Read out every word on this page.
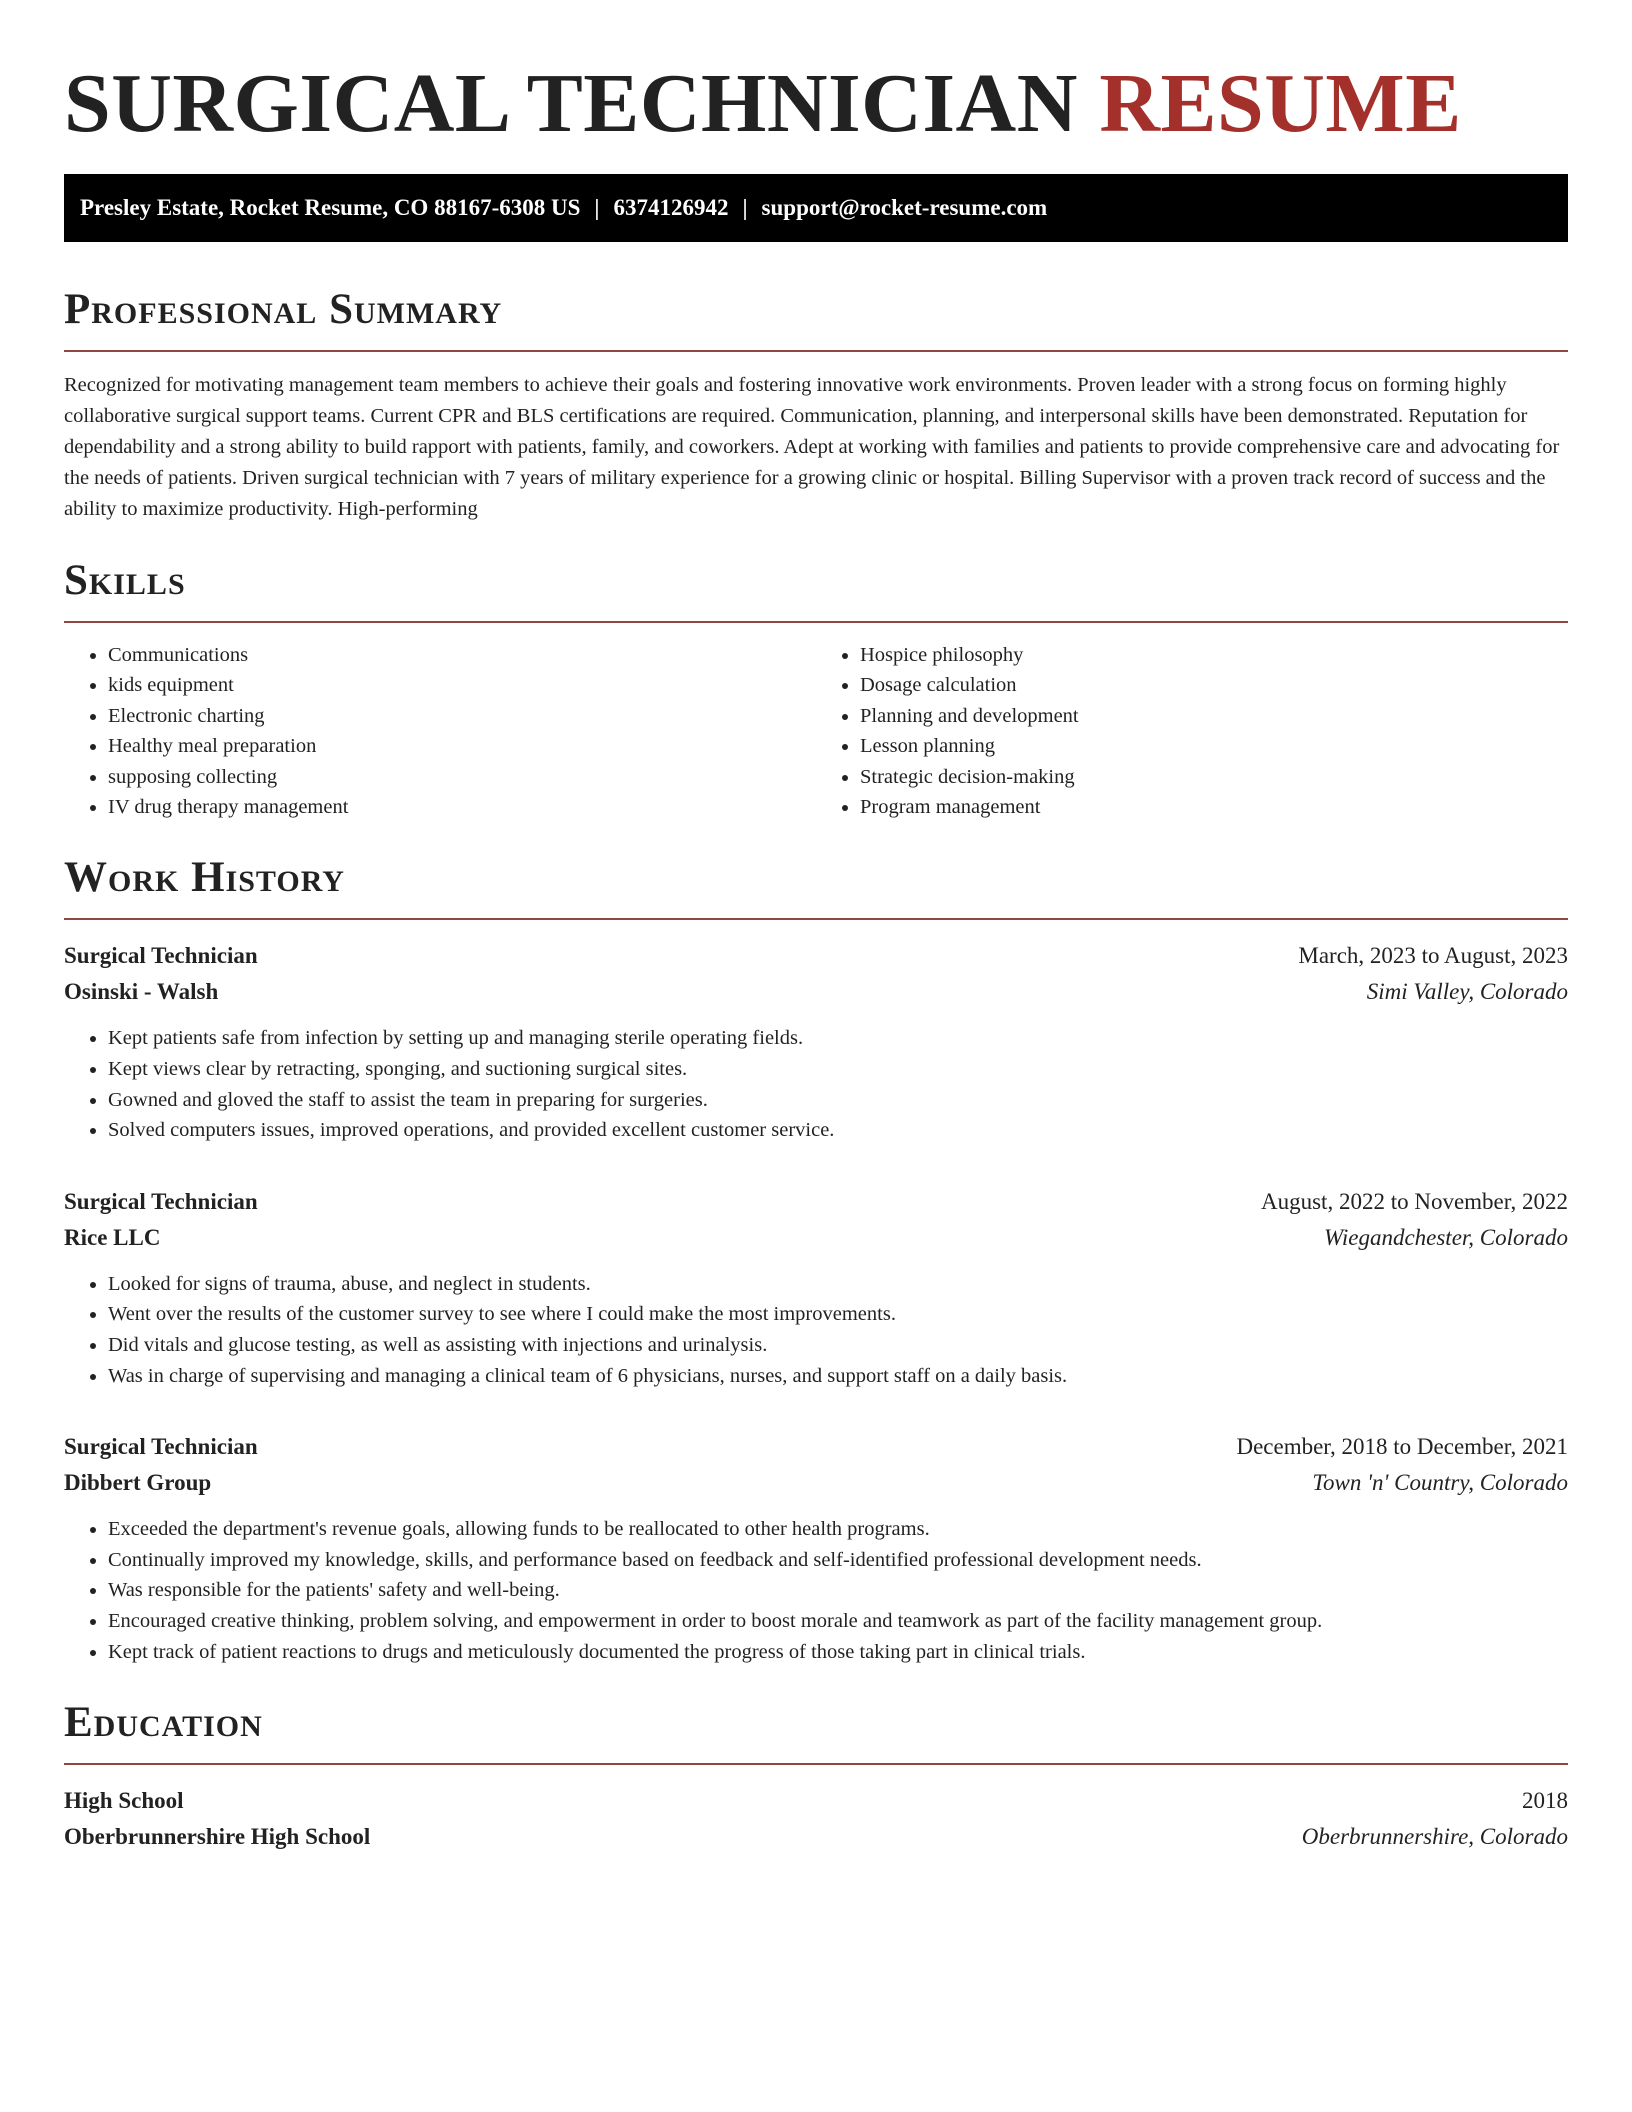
SURGICAL TECHNICIAN RESUME
Presley Estate, Rocket Resume, CO 88167-6308 US | 6374126942 | support@rocket-resume.com
Professional Summary

Recognized for motivating management team members to achieve their goals and fostering innovative work environments. Proven leader with a strong focus on forming highly collaborative surgical support teams. Current CPR and BLS certifications are required. Communication, planning, and interpersonal skills have been demonstrated. Reputation for dependability and a strong ability to build rapport with patients, family, and coworkers. Adept at working with families and patients to provide comprehensive care and advocating for the needs of patients. Driven surgical technician with 7 years of military experience for a growing clinic or hospital. Billing Supervisor with a proven track record of success and the ability to maximize productivity. High-performing

Skills
• Communications
• kids equipment
• Electronic charting
• Healthy meal preparation
• supposing collecting
• IV drug therapy management
• Hospice philosophy
• Dosage calculation
• Planning and development
• Lesson planning
• Strategic decision-making
• Program management
Work History
Surgical Technician	March, 2023 to August, 2023
Osinski - Walsh	Simi Valley, Colorado
• Kept patients safe from infection by setting up and managing sterile operating fields.
• Kept views clear by retracting, sponging, and suctioning surgical sites.
• Gowned and gloved the staff to assist the team in preparing for surgeries.
• Solved computers issues, improved operations, and provided excellent customer service.
Surgical Technician	August, 2022 to November, 2022
Rice LLC	Wiegandchester, Colorado
• Looked for signs of trauma, abuse, and neglect in students.
• Went over the results of the customer survey to see where I could make the most improvements.
• Did vitals and glucose testing, as well as assisting with injections and urinalysis.
• Was in charge of supervising and managing a clinical team of 6 physicians, nurses, and support staff on a daily basis.
Surgical Technician	December, 2018 to December, 2021
Dibbert Group	Town 'n' Country, Colorado
• Exceeded the department's revenue goals, allowing funds to be reallocated to other health programs.
• Continually improved my knowledge, skills, and performance based on feedback and self-identified professional development needs.
• Was responsible for the patients' safety and well-being.
• Encouraged creative thinking, problem solving, and empowerment in order to boost morale and teamwork as part of the facility management group.
• Kept track of patient reactions to drugs and meticulously documented the progress of those taking part in clinical trials.
Education
High School	2018
Oberbrunnershire High School	Oberbrunnershire, Colorado
